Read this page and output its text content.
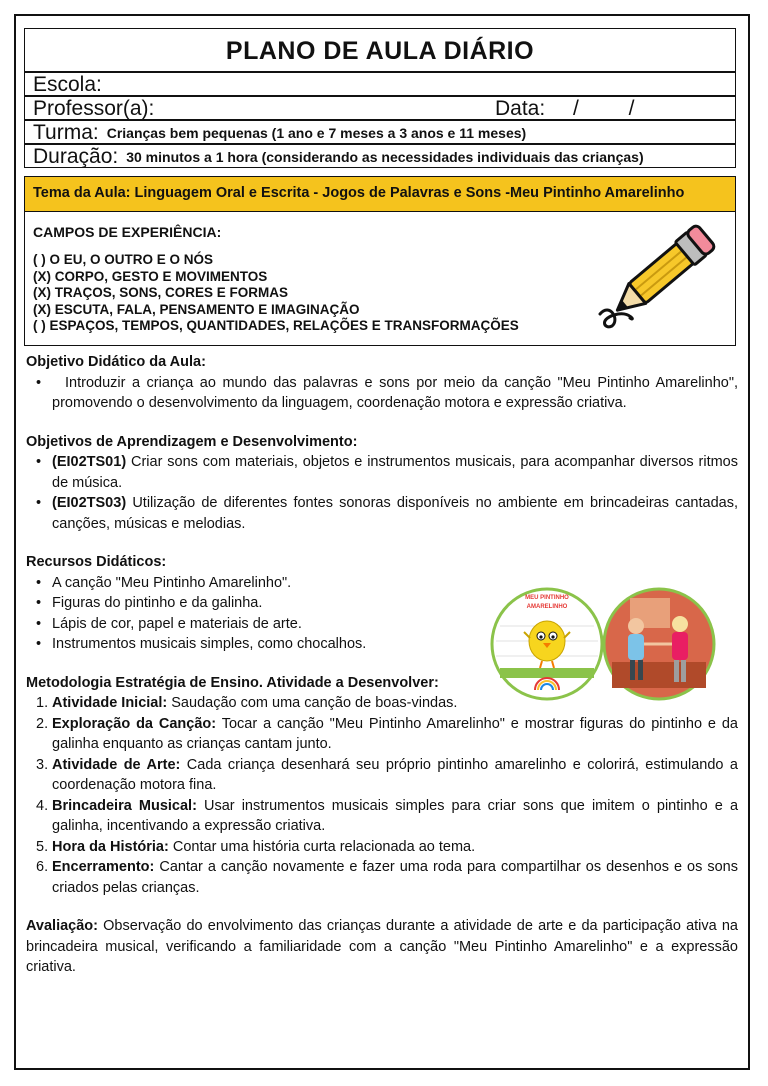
PLANO DE AULA DIÁRIO
Escola:
Professor(a):	Data: / /
Turma: $^{Crianças bem pequenas (1 ano e 7 meses a 3 anos e 11 meses)}$
Duração: $^{30 minutos a 1 hora (considerando as necessidades individuais das crianças)}$
Tema da Aula: Linguagem Oral e Escrita - Jogos de Palavras e Sons -Meu Pintinho Amarelinho
CAMPOS DE EXPERIÊNCIA:
( ) O EU, O OUTRO E O NÓS
(X) CORPO, GESTO E MOVIMENTOS
(X) TRAÇOS, SONS, CORES E FORMAS
(X) ESCUTA, FALA, PENSAMENTO E IMAGINAÇÃO
( ) ESPAÇOS, TEMPOS, QUANTIDADES, RELAÇÕES E TRANSFORMAÇÕES

Objetivo Didático da Aula:

• Introduzir a criança ao mundo das palavras e sons por meio da canção "Meu Pintinho Amarelinho", promovendo o desenvolvimento da linguagem, coordenação motora e expressão criativa.

Objetivos de Aprendizagem e Desenvolvimento:

• (EI02TS01) Criar sons com materiais, objetos e instrumentos musicais, para acompanhar diversos ritmos de música.
• (EI02TS03) Utilização de diferentes fontes sonoras disponíveis no ambiente em brincadeiras cantadas, canções, músicas e melodias.

Recursos Didáticos:

• A canção "Meu Pintinho Amarelinho".
• Figuras do pintinho e da galinha.
• Lápis de cor, papel e materiais de arte.
• Instrumentos musicais simples, como chocalhos.

Metodologia Estratégia de Ensino. Atividade a Desenvolver:

1. Atividade Inicial: Saudação com uma canção de boas-vindas.
2. Exploração da Canção: Tocar a canção "Meu Pintinho Amarelinho" e mostrar figuras do pintinho e da galinha enquanto as crianças cantam junto.
3. Atividade de Arte: Cada criança desenhará seu próprio pintinho amarelinho e colorirá, estimulando a coordenação motora fina.
4. Brincadeira Musical: Usar instrumentos musicais simples para criar sons que imitem o pintinho e a galinha, incentivando a expressão criativa.
5. Hora da História: Contar uma história curta relacionada ao tema.
6. Encerramento: Cantar a canção novamente e fazer uma roda para compartilhar os desenhos e os sons criados pelas crianças.

Avaliação: Observação do envolvimento das crianças durante a atividade de arte e da participação ativa na brincadeira musical, verificando a familiaridade com a canção "Meu Pintinho Amarelinho" e a expressão criativa.

MEU PINTINHO
AMARELINHO
